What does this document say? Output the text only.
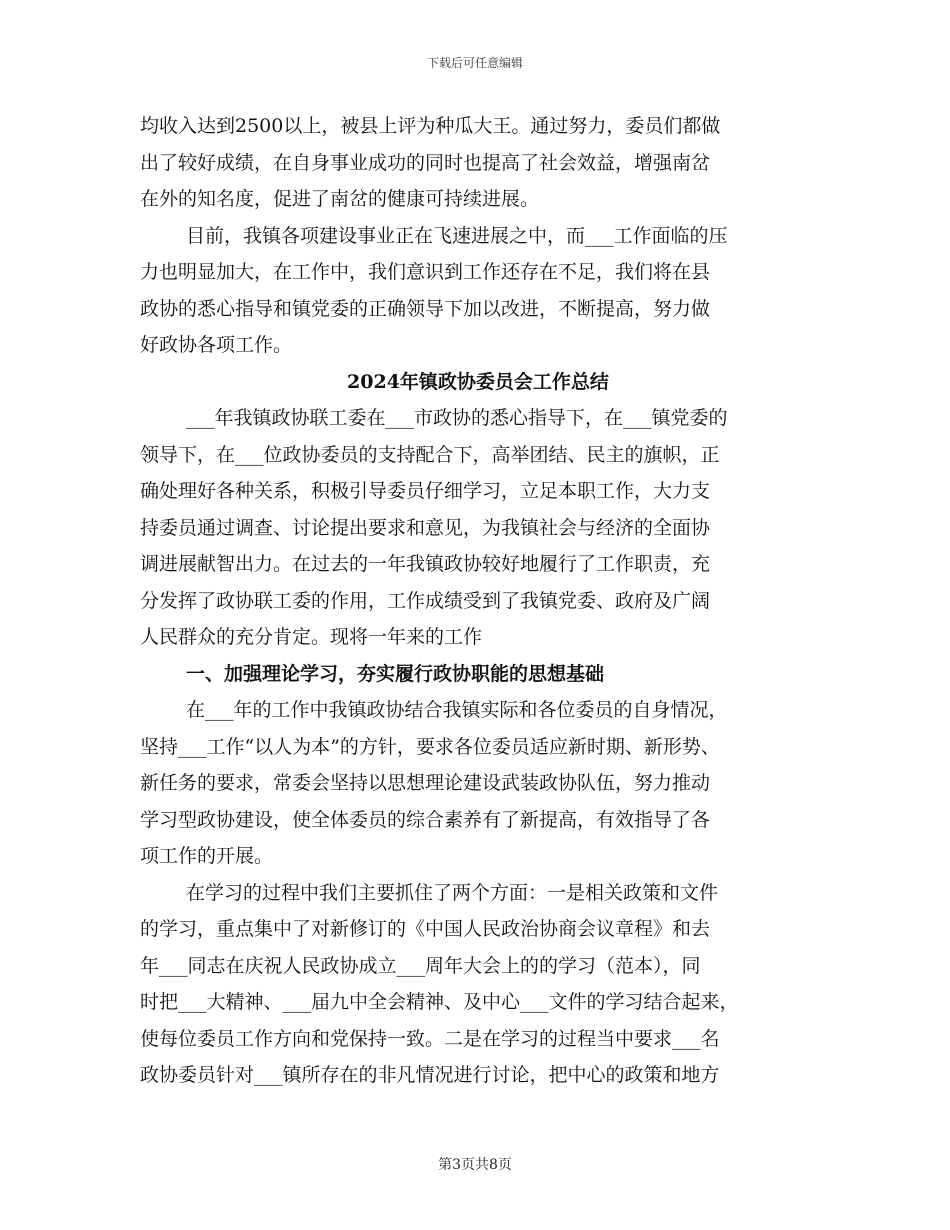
下载后可任意编辑

均收入达到2500以上，被县上评为种瓜大王。通过努力，委员们都做

出了较好成绩，在自身事业成功的同时也提高了社会效益，增强南岔

在外的知名度，促进了南岔的健康可持续进展。

目前，我镇各项建设事业正在飞速进展之中，而___工作面临的压

力也明显加大，在工作中，我们意识到工作还存在不足，我们将在县

政协的悉心指导和镇党委的正确领导下加以改进，不断提高，努力做

好政协各项工作。

2024年镇政协委员会工作总结

___年我镇政协联工委在___市政协的悉心指导下，在___镇党委的

领导下，在___位政协委员的支持配合下，高举团结、民主的旗帜，正

确处理好各种关系，积极引导委员仔细学习，立足本职工作，大力支

持委员通过调查、讨论提出要求和意见，为我镇社会与经济的全面协

调进展献智出力。在过去的一年我镇政协较好地履行了工作职责，充

分发挥了政协联工委的作用，工作成绩受到了我镇党委、政府及广阔

人民群众的充分肯定。现将一年来的工作

一、加强理论学习，夯实履行政协职能的思想基础

在___年的工作中我镇政协结合我镇实际和各位委员的自身情况，

坚持___工作“以人为本”的方针，要求各位委员适应新时期、新形势、

新任务的要求，常委会坚持以思想理论建设武装政协队伍，努力推动

学习型政协建设，使全体委员的综合素养有了新提高，有效指导了各

项工作的开展。

在学习的过程中我们主要抓住了两个方面：一是相关政策和文件

的学习，重点集中了对新修订的《中国人民政治协商会议章程》和去

年___同志在庆祝人民政协成立___周年大会上的的学习（范本），同

时把___大精神、___届九中全会精神、及中心___文件的学习结合起来，

使每位委员工作方向和党保持一致。二是在学习的过程当中要求___名

政协委员针对___镇所存在的非凡情况进行讨论，把中心的政策和地方

第3页共8页
